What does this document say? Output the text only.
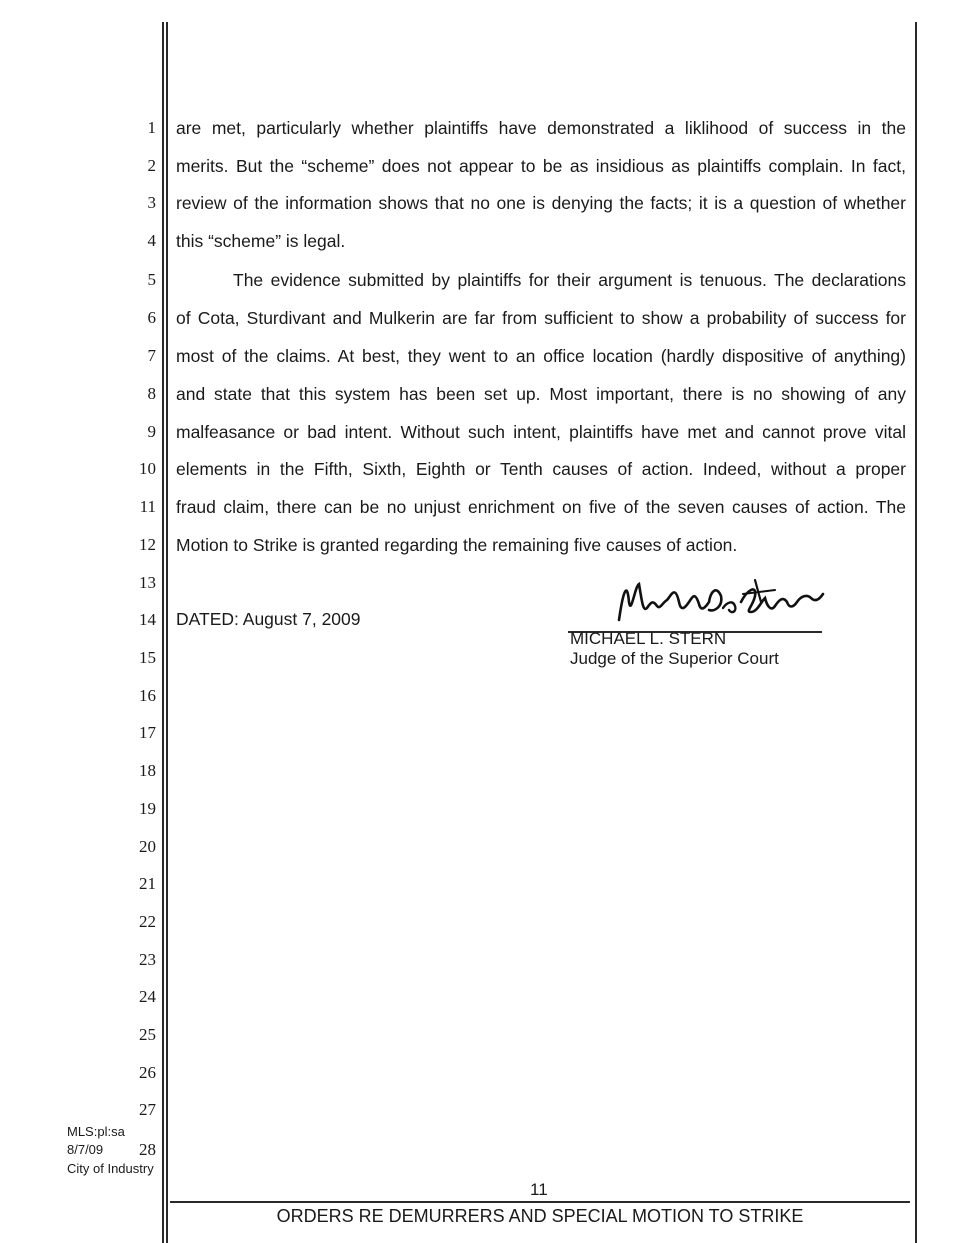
1
2
3
4
5
6
7
8
9
10
11
12
13
14
15
16
17
18
19
20
21
22
23
24
25
26
27
28
are met, particularly whether plaintiffs have demonstrated a liklihood of success in the
merits. But the “scheme” does not appear to be as insidious as plaintiffs complain. In fact,
review of the information shows that no one is denying the facts; it is a question of whether
this “scheme” is legal.
The evidence submitted by plaintiffs for their argument is tenuous. The declarations
of Cota, Sturdivant and Mulkerin are far from sufficient to show a probability of success for
most of the claims. At best, they went to an office location (hardly dispositive of anything)
and state that this system has been set up. Most important, there is no showing of any
malfeasance or bad intent. Without such intent, plaintiffs have met and cannot prove vital
elements in the Fifth, Sixth, Eighth or Tenth causes of action. Indeed, without a proper
fraud claim, there can be no unjust enrichment on five of the seven causes of action. The
Motion to Strike is granted regarding the remaining five causes of action.
DATED: August 7, 2009
MICHAEL L. STERN
Judge of the Superior Court
MLS:pl:sa
8/7/09
City of Industry
11
ORDERS RE DEMURRERS AND SPECIAL MOTION TO STRIKE
